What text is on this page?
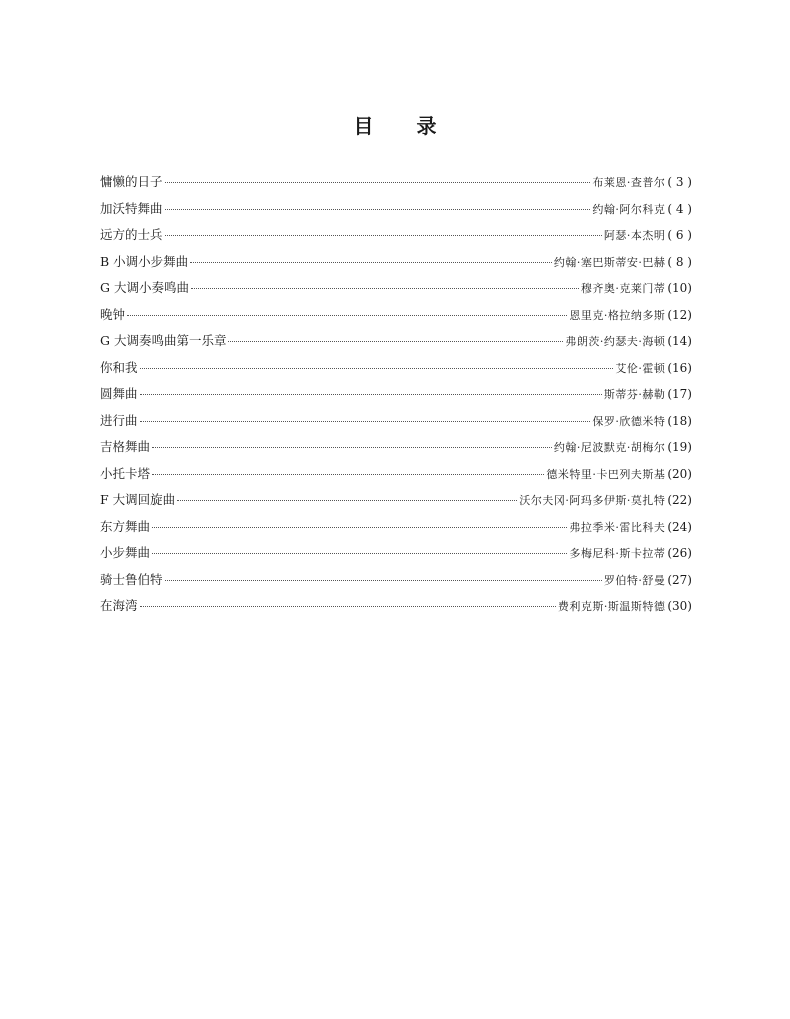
目 录
慵懒的日子	布莱恩·查普尔 ( 3 )
加沃特舞曲	约翰·阿尔科克 ( 4 )
远方的士兵	阿瑟·本杰明 ( 6 )
B 小调小步舞曲	约翰·塞巴斯蒂安·巴赫 ( 8 )
G 大调小奏鸣曲	穆齐奥·克莱门蒂 (10)
晚钟	恩里克·格拉纳多斯 (12)
G 大调奏鸣曲第一乐章	弗朗茨·约瑟夫·海顿 (14)
你和我	艾伦·霍顿 (16)
圆舞曲	斯蒂芬·赫勒 (17)
进行曲	保罗·欣德米特 (18)
吉格舞曲	约翰·尼波默克·胡梅尔 (19)
小托卡塔	德米特里·卡巴列夫斯基 (20)
F 大调回旋曲	沃尔夫冈·阿玛多伊斯·莫扎特 (22)
东方舞曲	弗拉季米·雷比科夫 (24)
小步舞曲	多梅尼科·斯卡拉蒂 (26)
骑士鲁伯特	罗伯特·舒曼 (27)
在海湾	费利克斯·斯温斯特德 (30)
